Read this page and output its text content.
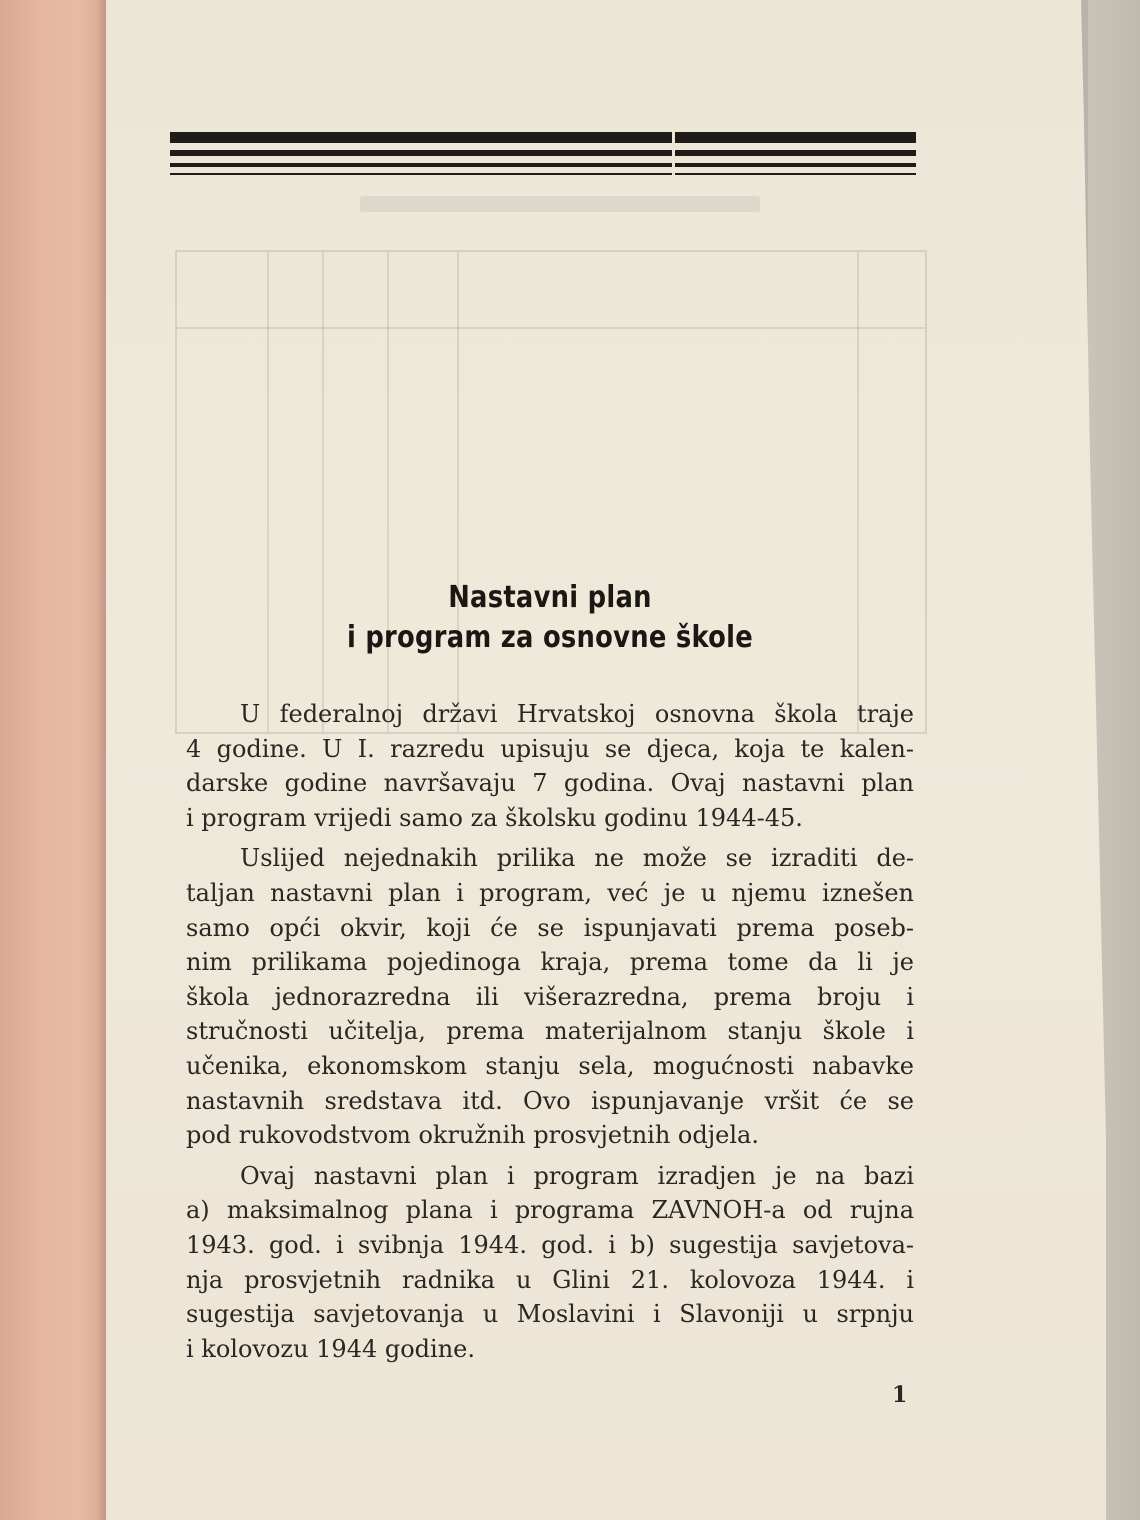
Nastavni plan
i program za osnovne škole

U federalnoj državi Hrvatskoj osnovna škola traje
4 godine. U I. razredu upisuju se djeca, koja te kalen-
darske godine navršavaju 7 godina. Ovaj nastavni plan
i program vrijedi samo za školsku godinu 1944-45.

Uslijed nejednakih prilika ne može se izraditi de-
taljan nastavni plan i program, već je u njemu iznešen
samo opći okvir, koji će se ispunjavati prema poseb-
nim prilikama pojedinoga kraja, prema tome da li je
škola jednorazredna ili višerazredna, prema broju i
stručnosti učitelja, prema materijalnom stanju škole i
učenika, ekonomskom stanju sela, mogućnosti nabavke
nastavnih sredstava itd. Ovo ispunjavanje vršit će se
pod rukovodstvom okružnih prosvjetnih odjela.

Ovaj nastavni plan i program izradjen je na bazi
a) maksimalnog plana i programa ZAVNOH-a od rujna
1943. god. i svibnja 1944. god. i b) sugestija savjetova-
nja prosvjetnih radnika u Glini 21. kolovoza 1944. i
sugestija savjetovanja u Moslavini i Slavoniji u srpnju
i kolovozu 1944 godine.

1
